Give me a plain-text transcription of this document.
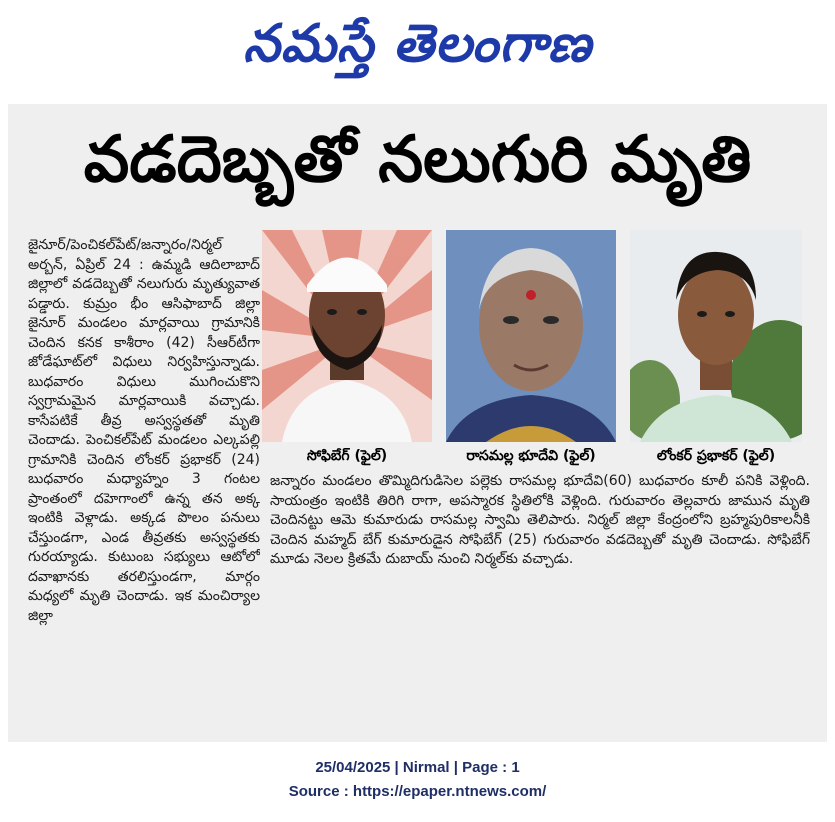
నమస్తే తెలంగాణ
వడదెబ్బతో నలుగురి మృతి

జైనూర్/పెంచికల్‌పేట్/జన్నారం/నిర్మల్ అర్బన్, ఏప్రిల్ 24 : ఉమ్మడి ఆదిలాబాద్ జిల్లాలో వడదెబ్బతో నలుగురు మృత్యువాత పడ్డారు. కుమ్రం భీం ఆసిఫాబాద్ జిల్లా జైనూర్ మండలం మార్లవాయి గ్రామానికి చెందిన కనక కాశీరాం (42) సీఆర్‌టీగా జోడేఘాట్‌లో విధులు నిర్వహిస్తున్నాడు. బుధవారం విధులు ముగించుకొని స్వగ్రామమైన మార్లవాయికి వచ్చాడు. కాసేపటికే తీవ్ర అస్వస్థతతో మృతి చెందాడు. పెంచికల్‌పేట్ మండలం ఎల్కపల్లి గ్రామానికి చెందిన లోంకర్ ప్రభాకర్ (24) బుధవారం మధ్యాహ్నం 3 గంటల ప్రాంతంలో దహెగాంలో ఉన్న తన అక్క ఇంటికి వెళ్లాడు. అక్కడ పొలం పనులు చేస్తుండగా, ఎండ తీవ్రతకు అస్వస్థతకు గురయ్యాడు. కుటుంబ సభ్యులు ఆటోలో దవాఖానకు తరలిస్తుండగా, మార్గం మధ్యలో మృతి చెందాడు. ఇక మంచిర్యాల జిల్లా

సోఫిబేగ్ (ఫైల్)	రాసమల్ల భూదేవి (ఫైల్)	లోంకర్ ప్రభాకర్ (ఫైల్)

జన్నారం మండలం తొమ్మిదిగుడిసెల పల్లెకు రాసమల్ల భూదేవి(60) బుధవారం కూలీ పనికి వెళ్లింది. సాయంత్రం ఇంటికి తిరిగి రాగా, అపస్మారక స్థితిలోకి వెళ్లింది. గురువారం తెల్లవారు జామున మృతి చెందినట్టు ఆమె కుమారుడు రాసమల్ల స్వామి తెలిపారు. నిర్మల్ జిల్లా కేంద్రంలోని బ్రహ్మపురికాలనీకి చెందిన మహ్మద్ బేగ్ కుమారుడైన సోఫిబేగ్ (25) గురువారం వడదెబ్బతో మృతి చెందాడు. సోఫిబేగ్ మూడు నెలల క్రితమే దుబాయ్ నుంచి నిర్మల్‌కు వచ్చాడు.

25/04/2025 | Nirmal | Page : 1
Source : https://epaper.ntnews.com/
